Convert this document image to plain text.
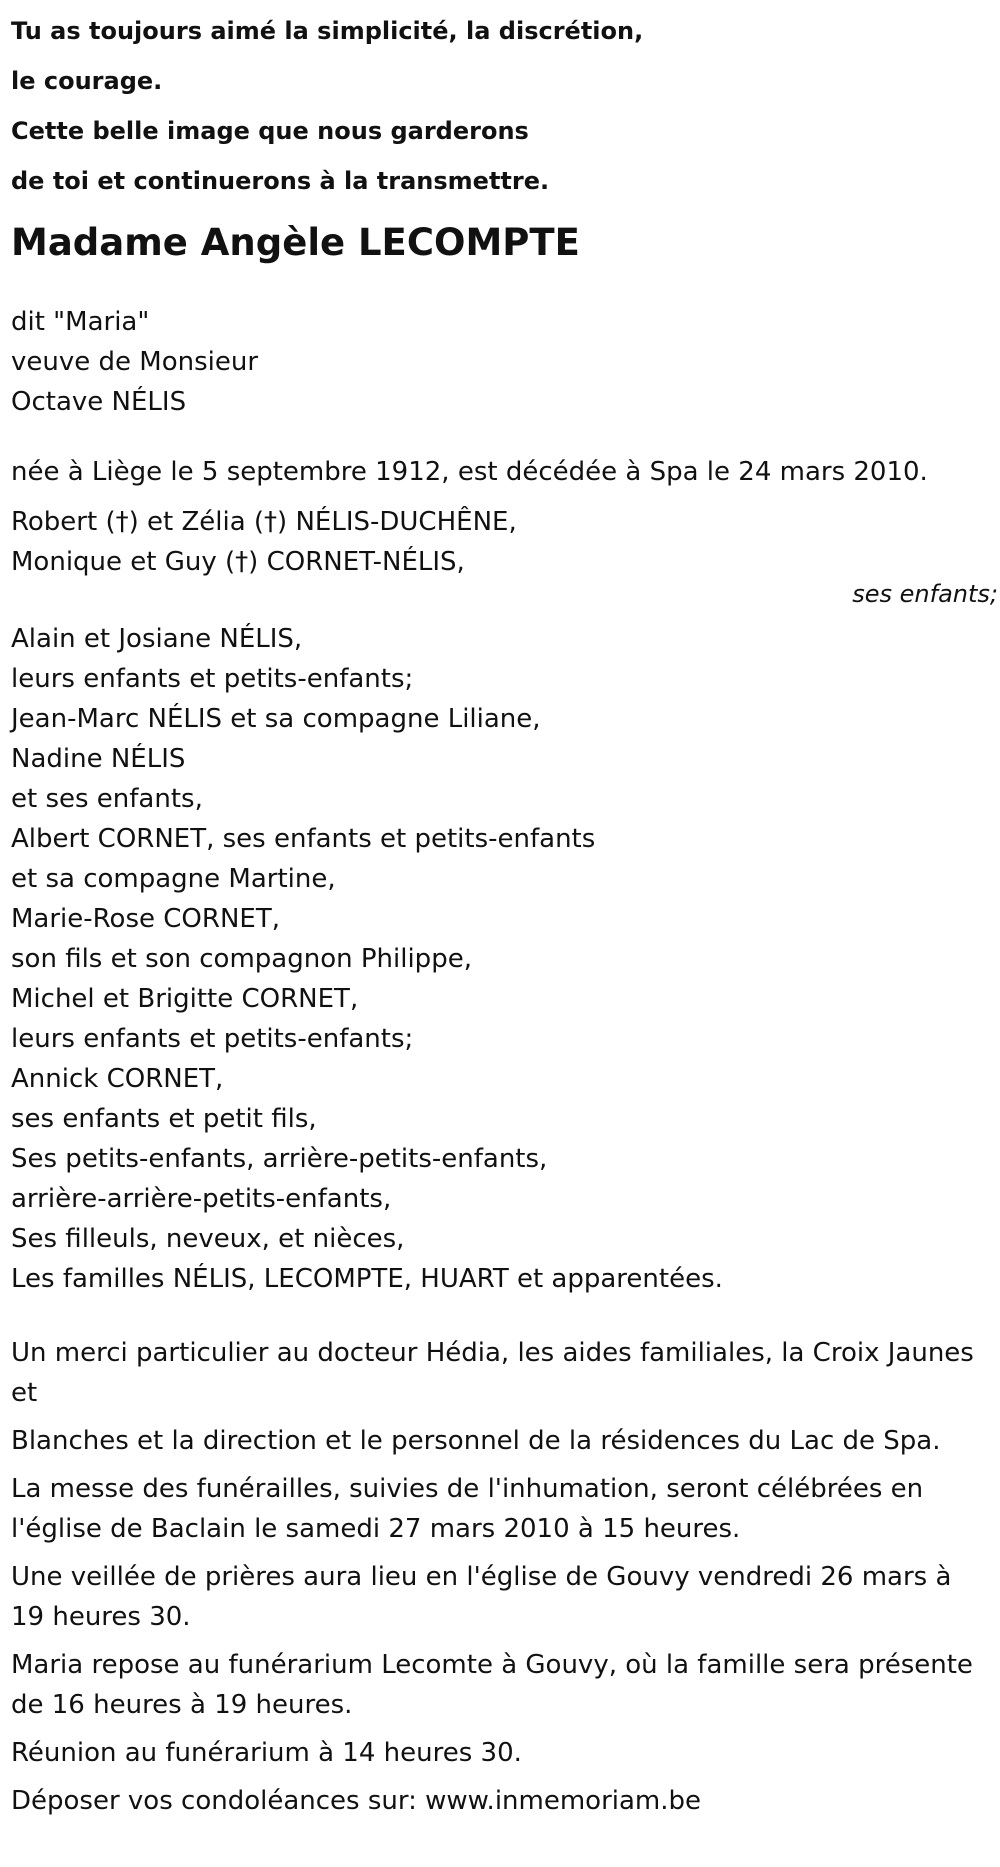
Tu as toujours aimé la simplicité, la discrétion,
le courage.
Cette belle image que nous garderons
de toi et continuerons à la transmettre.
Madame Angèle LECOMPTE
dit "Maria"
veuve de Monsieur
Octave NÉLIS
née à Liège le 5 septembre 1912, est décédée à Spa le 24 mars 2010.
Robert (†) et Zélia (†) NÉLIS-DUCHÊNE,
Monique et Guy (†) CORNET-NÉLIS,
ses enfants;
Alain et Josiane NÉLIS,
leurs enfants et petits-enfants;
Jean-Marc NÉLIS et sa compagne Liliane,
Nadine NÉLIS
et ses enfants,
Albert CORNET, ses enfants et petits-enfants
et sa compagne Martine,
Marie-Rose CORNET,
son fils et son compagnon Philippe,
Michel et Brigitte CORNET,
leurs enfants et petits-enfants;
Annick CORNET,
ses enfants et petit fils,
Ses petits-enfants, arrière-petits-enfants,
arrière-arrière-petits-enfants,
Ses filleuls, neveux, et nièces,
Les familles NÉLIS, LECOMPTE, HUART et apparentées.
Un merci particulier au docteur Hédia, les aides familiales, la Croix Jaunes et
Blanches et la direction et le personnel de la résidences du Lac de Spa.
La messe des funérailles, suivies de l'inhumation, seront célébrées en l'église de Baclain le samedi 27 mars 2010 à 15 heures.
Une veillée de prières aura lieu en l'église de Gouvy vendredi 26 mars à 19 heures 30.
Maria repose au funérarium Lecomte à Gouvy, où la famille sera présente de 16 heures à 19 heures.
Réunion au funérarium à 14 heures 30.
Déposer vos condoléances sur: www.inmemoriam.be
